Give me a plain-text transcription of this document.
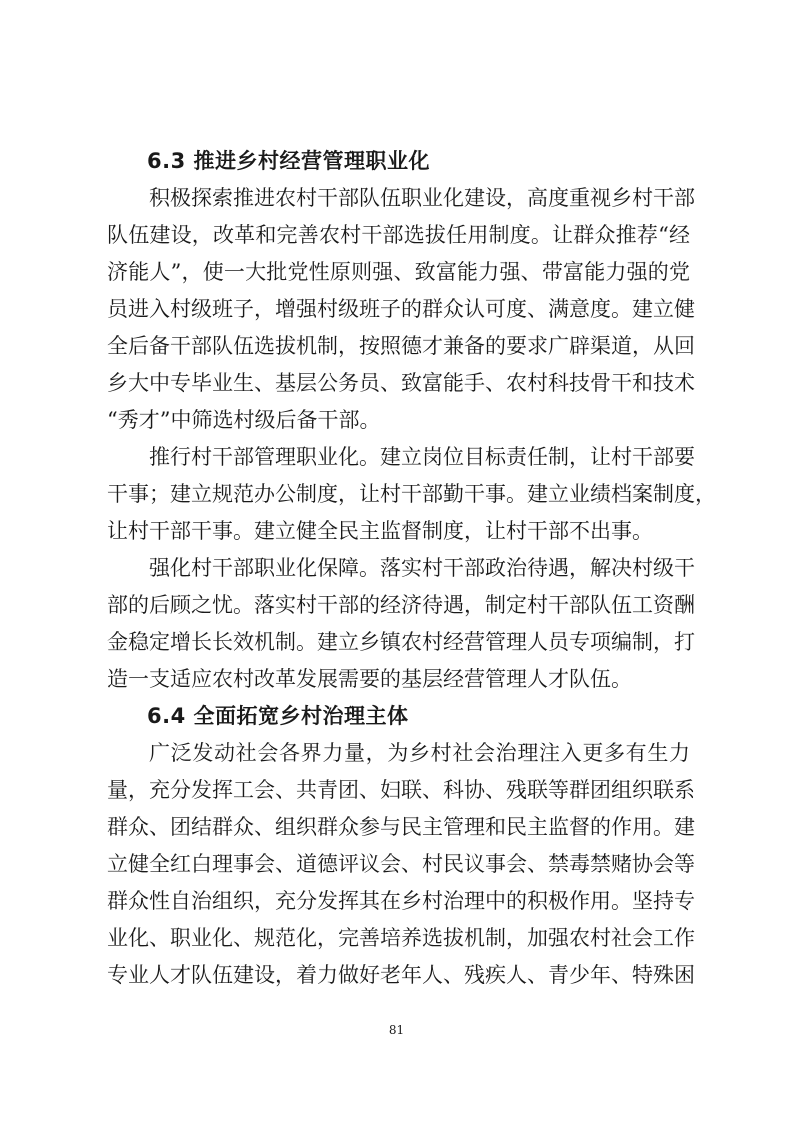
6.3 推进乡村经营管理职业化
积极探索推进农村干部队伍职业化建设，高度重视乡村干部
队伍建设，改革和完善农村干部选拔任用制度。让群众推荐“经
济能人”，使一大批党性原则强、致富能力强、带富能力强的党
员进入村级班子，增强村级班子的群众认可度、满意度。建立健
全后备干部队伍选拔机制，按照德才兼备的要求广辟渠道，从回
乡大中专毕业生、基层公务员、致富能手、农村科技骨干和技术
“秀才”中筛选村级后备干部。
推行村干部管理职业化。建立岗位目标责任制，让村干部要
干事；建立规范办公制度，让村干部勤干事。建立业绩档案制度，
让村干部干事。建立健全民主监督制度，让村干部不出事。
强化村干部职业化保障。落实村干部政治待遇，解决村级干
部的后顾之忧。落实村干部的经济待遇，制定村干部队伍工资酬
金稳定增长长效机制。建立乡镇农村经营管理人员专项编制，打
造一支适应农村改革发展需要的基层经营管理人才队伍。
6.4 全面拓宽乡村治理主体
广泛发动社会各界力量，为乡村社会治理注入更多有生力
量，充分发挥工会、共青团、妇联、科协、残联等群团组织联系
群众、团结群众、组织群众参与民主管理和民主监督的作用。建
立健全红白理事会、道德评议会、村民议事会、禁毒禁赌协会等
群众性自治组织，充分发挥其在乡村治理中的积极作用。坚持专
业化、职业化、规范化，完善培养选拔机制，加强农村社会工作
专业人才队伍建设，着力做好老年人、残疾人、青少年、特殊困
81
